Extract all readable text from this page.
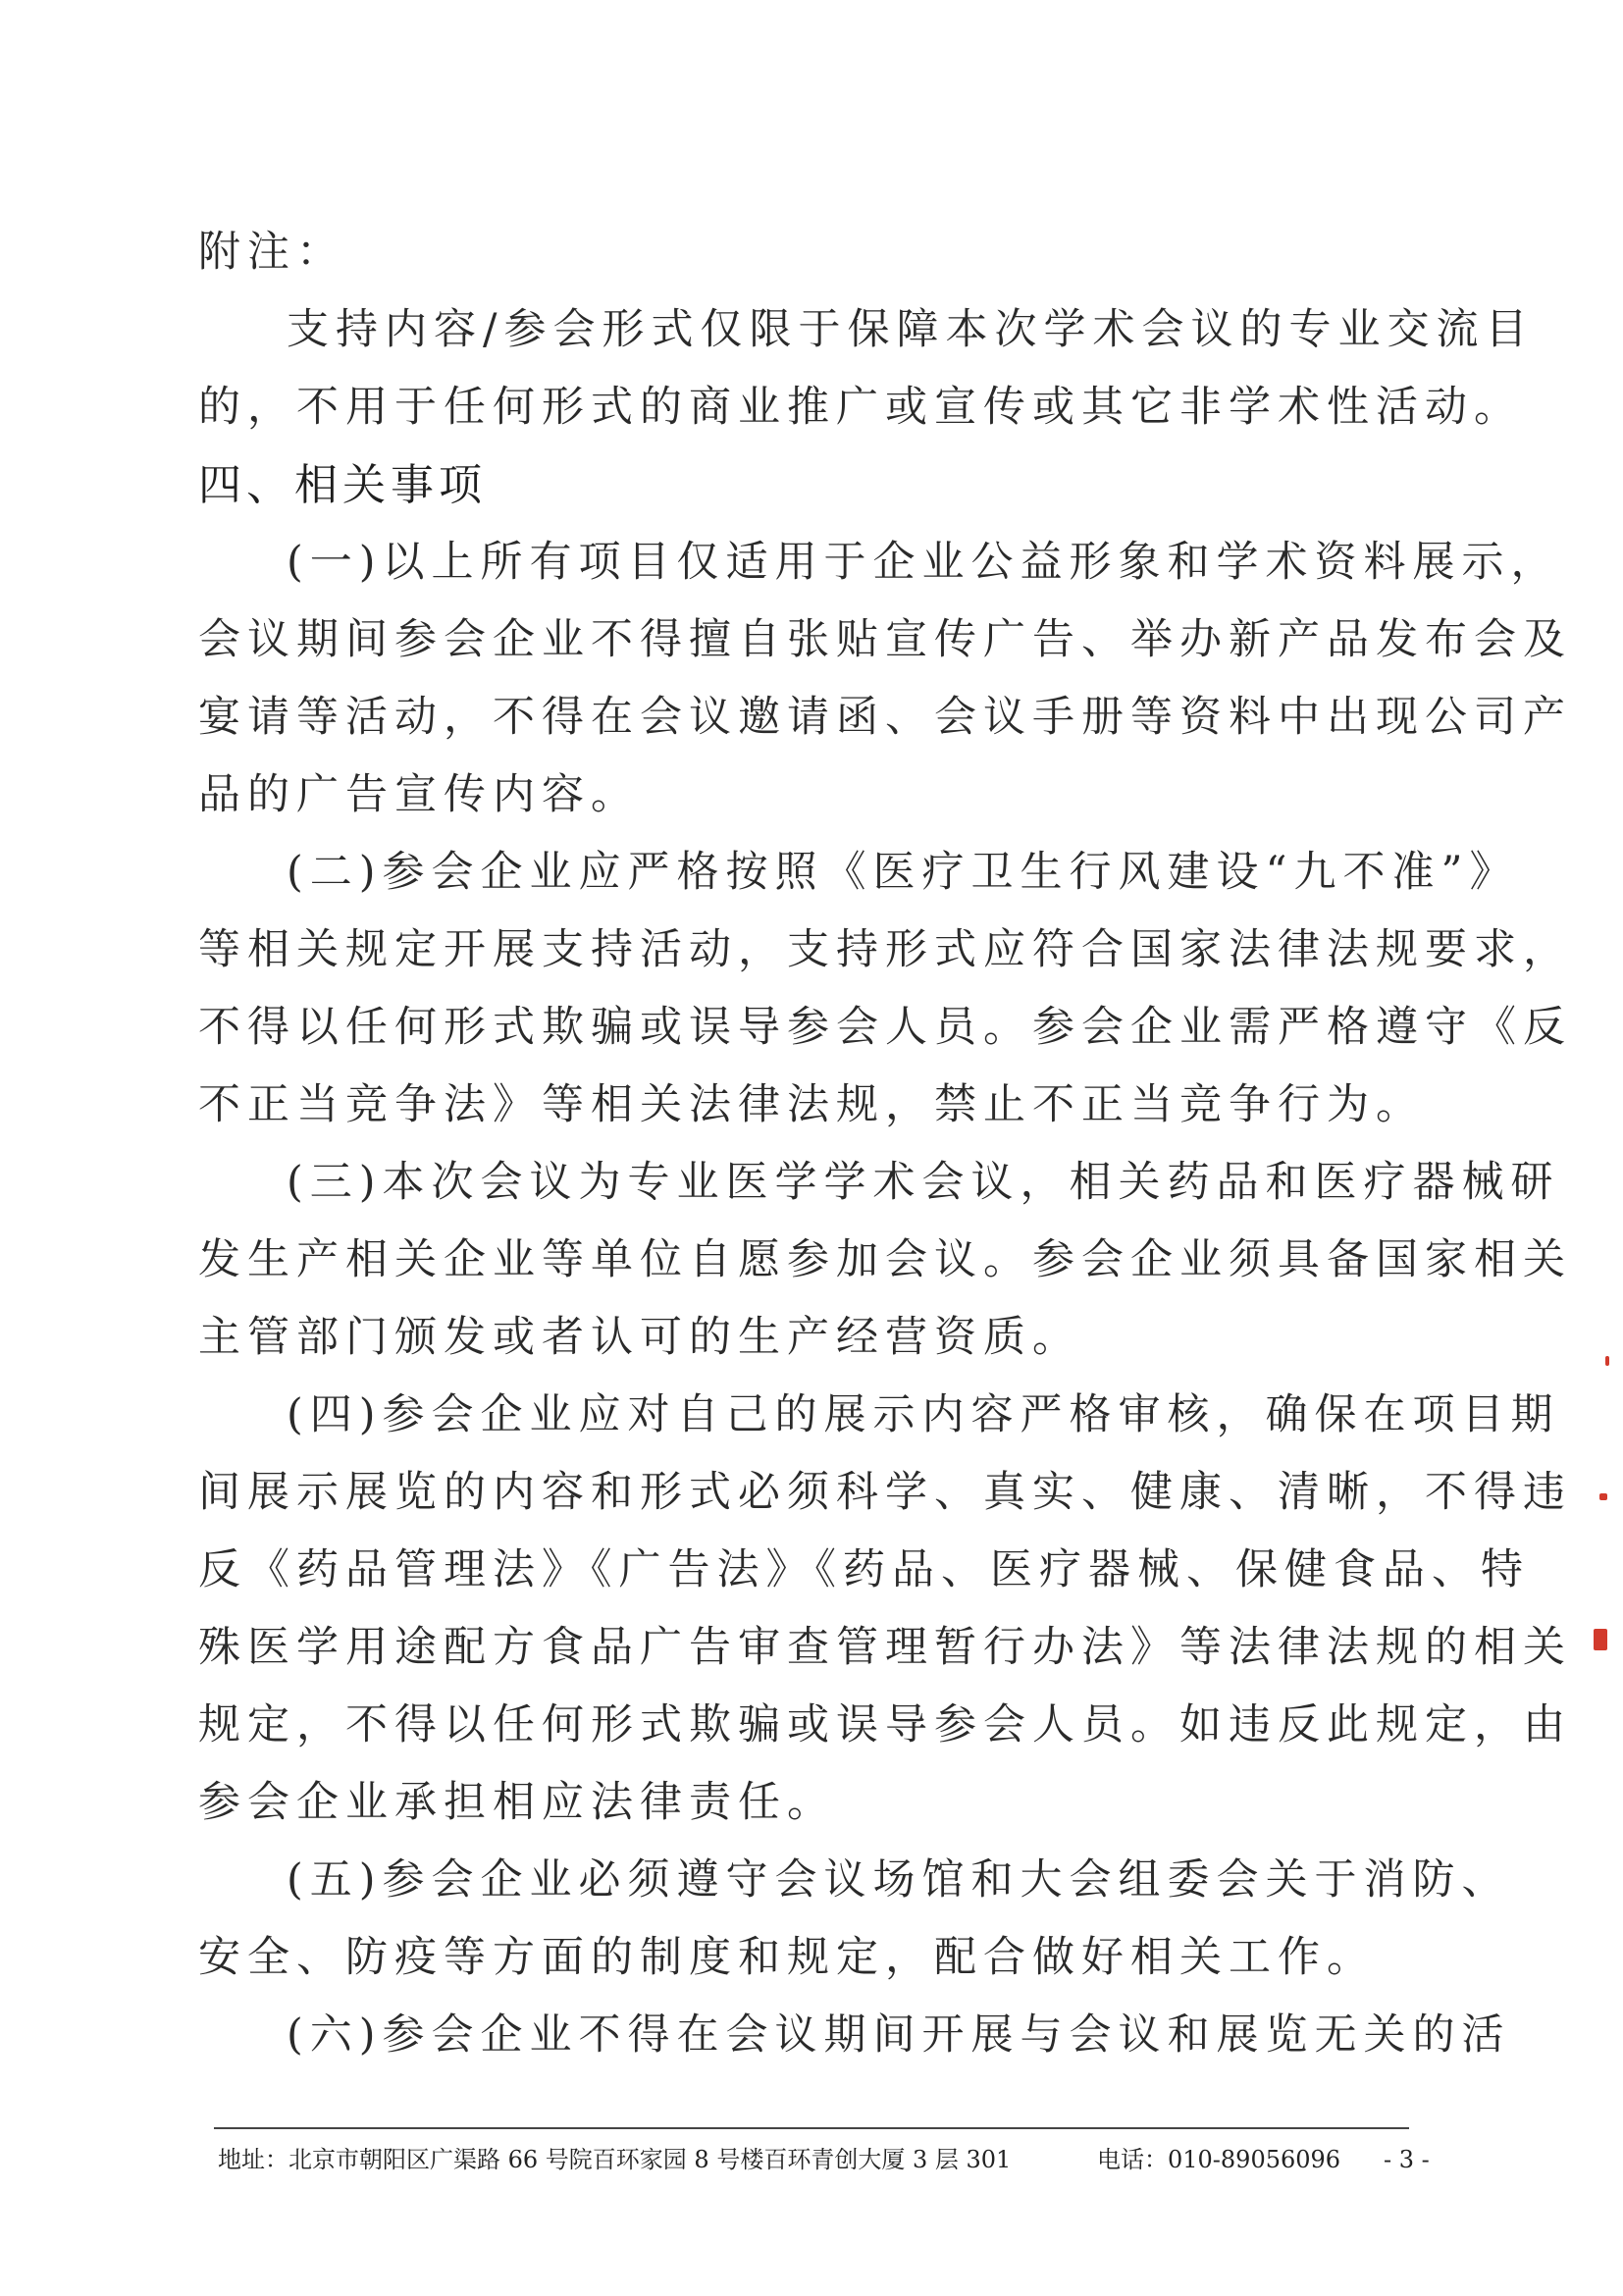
附注：
支持内容/参会形式仅限于保障本次学术会议的专业交流目
的，不用于任何形式的商业推广或宣传或其它非学术性活动。
四、相关事项
(一)以上所有项目仅适用于企业公益形象和学术资料展示，
会议期间参会企业不得擅自张贴宣传广告、举办新产品发布会及
宴请等活动，不得在会议邀请函、会议手册等资料中出现公司产
品的广告宣传内容。
(二)参会企业应严格按照《医疗卫生行风建设“九不准”》
等相关规定开展支持活动，支持形式应符合国家法律法规要求，
不得以任何形式欺骗或误导参会人员。参会企业需严格遵守《反
不正当竞争法》等相关法律法规，禁止不正当竞争行为。
(三)本次会议为专业医学学术会议，相关药品和医疗器械研
发生产相关企业等单位自愿参加会议。参会企业须具备国家相关
主管部门颁发或者认可的生产经营资质。
(四)参会企业应对自己的展示内容严格审核，确保在项目期
间展示展览的内容和形式必须科学、真实、健康、清晰，不得违
反《药品管理法》《广告法》《药品、医疗器械、保健食品、特
殊医学用途配方食品广告审查管理暂行办法》等法律法规的相关
规定，不得以任何形式欺骗或误导参会人员。如违反此规定，由
参会企业承担相应法律责任。
(五)参会企业必须遵守会议场馆和大会组委会关于消防、
安全、防疫等方面的制度和规定，配合做好相关工作。
(六)参会企业不得在会议期间开展与会议和展览无关的活
地址：北京市朝阳区广渠路 66 号院百环家园 8 号楼百环青创大厦 3 层 301	电话：010-89056096 - 3 -
